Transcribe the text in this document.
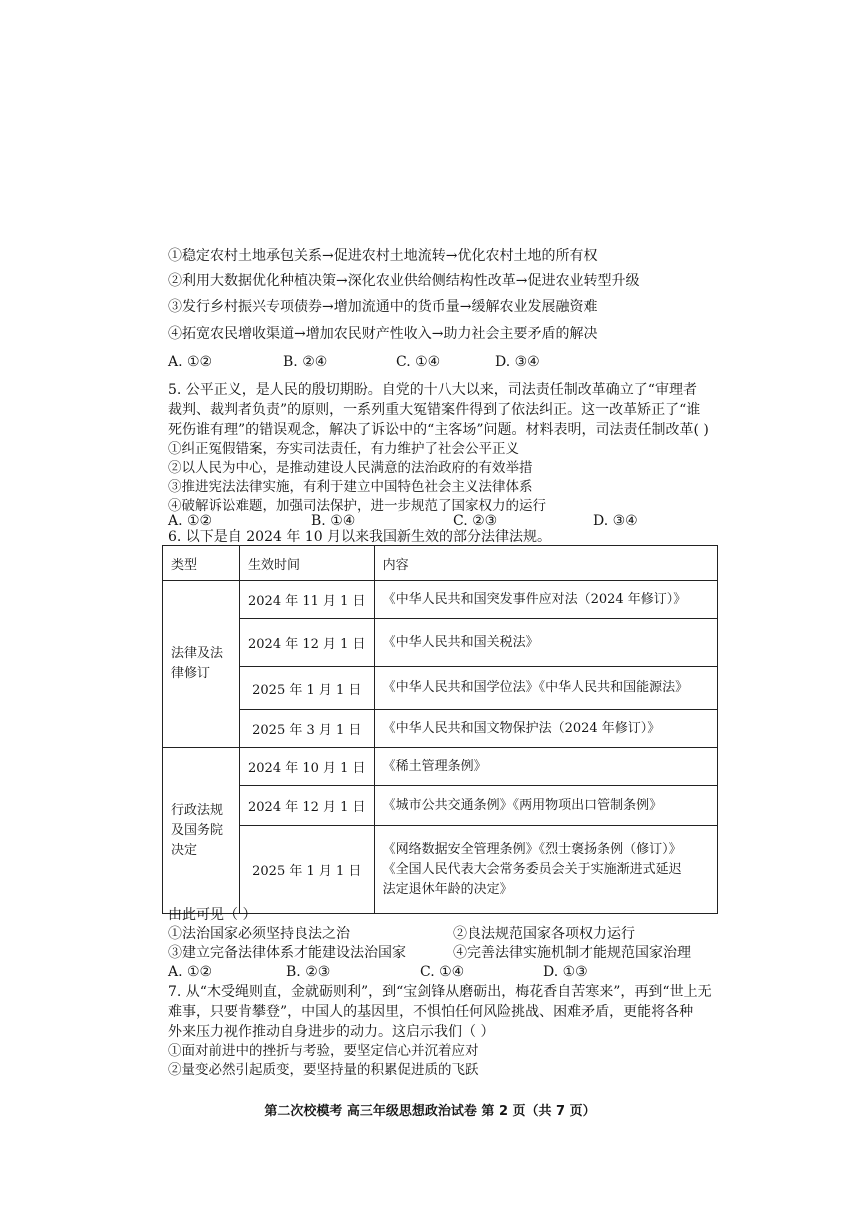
①稳定农村土地承包关系→促进农村土地流转→优化农村土地的所有权
②利用大数据优化种植决策→深化农业供给侧结构性改革→促进农业转型升级
③发行乡村振兴专项债券→增加流通中的货币量→缓解农业发展融资难
④拓宽农民增收渠道→增加农民财产性收入→助力社会主要矛盾的解决
A. ①②	B. ②④	C. ①④	D. ③④
5. 公平正义，是人民的殷切期盼。自党的十八大以来，司法责任制改革确立了“审理者
裁判、裁判者负责”的原则，一系列重大冤错案件得到了依法纠正。这一改革矫正了“谁
死伤谁有理”的错误观念，解决了诉讼中的“主客场”问题。材料表明，司法责任制改革( )
①纠正冤假错案，夯实司法责任，有力维护了社会公平正义
②以人民为中心，是推动建设人民满意的法治政府的有效举措
③推进宪法法律实施，有利于建立中国特色社会主义法律体系
④破解诉讼难题，加强司法保护，进一步规范了国家权力的运行
A. ①②	B. ①④	C. ②③	D. ③④
6. 以下是自 2024 年 10 月以来我国新生效的部分法律法规。
类型	生效时间	内容
法律及法律修订	2024 年 11 月 1 日	《中华人民共和国突发事件应对法（2024 年修订）》
	2024 年 12 月 1 日	《中华人民共和国关税法》
	2025 年 1 月 1 日	《中华人民共和国学位法》《中华人民共和国能源法》
	2025 年 3 月 1 日	《中华人民共和国文物保护法（2024 年修订）》
行政法规及国务院决定	2024 年 10 月 1 日	《稀土管理条例》
	2024 年 12 月 1 日	《城市公共交通条例》《两用物项出口管制条例》
	2025 年 1 月 1 日	《网络数据安全管理条例》《烈士褒扬条例（修订）》
《全国人民代表大会常务委员会关于实施渐进式延迟
法定退休年龄的决定》
由此可见（ ）
①法治国家必须坚持良法之治	②良法规范国家各项权力运行
③建立完备法律体系才能建设法治国家	④完善法律实施机制才能规范国家治理
A. ①②	B. ②③	C. ①④	D. ①③
7. 从“木受绳则直，金就砺则利”，到“宝剑锋从磨砺出，梅花香自苦寒来”，再到“世上无
难事，只要肯攀登”，中国人的基因里，不惧怕任何风险挑战、困难矛盾，更能将各种
外来压力视作推动自身进步的动力。这启示我们（ ）
①面对前进中的挫折与考验，要坚定信心并沉着应对
②量变必然引起质变，要坚持量的积累促进质的飞跃
第二次校模考 高三年级思想政治试卷 第 2 页（共 7 页）
